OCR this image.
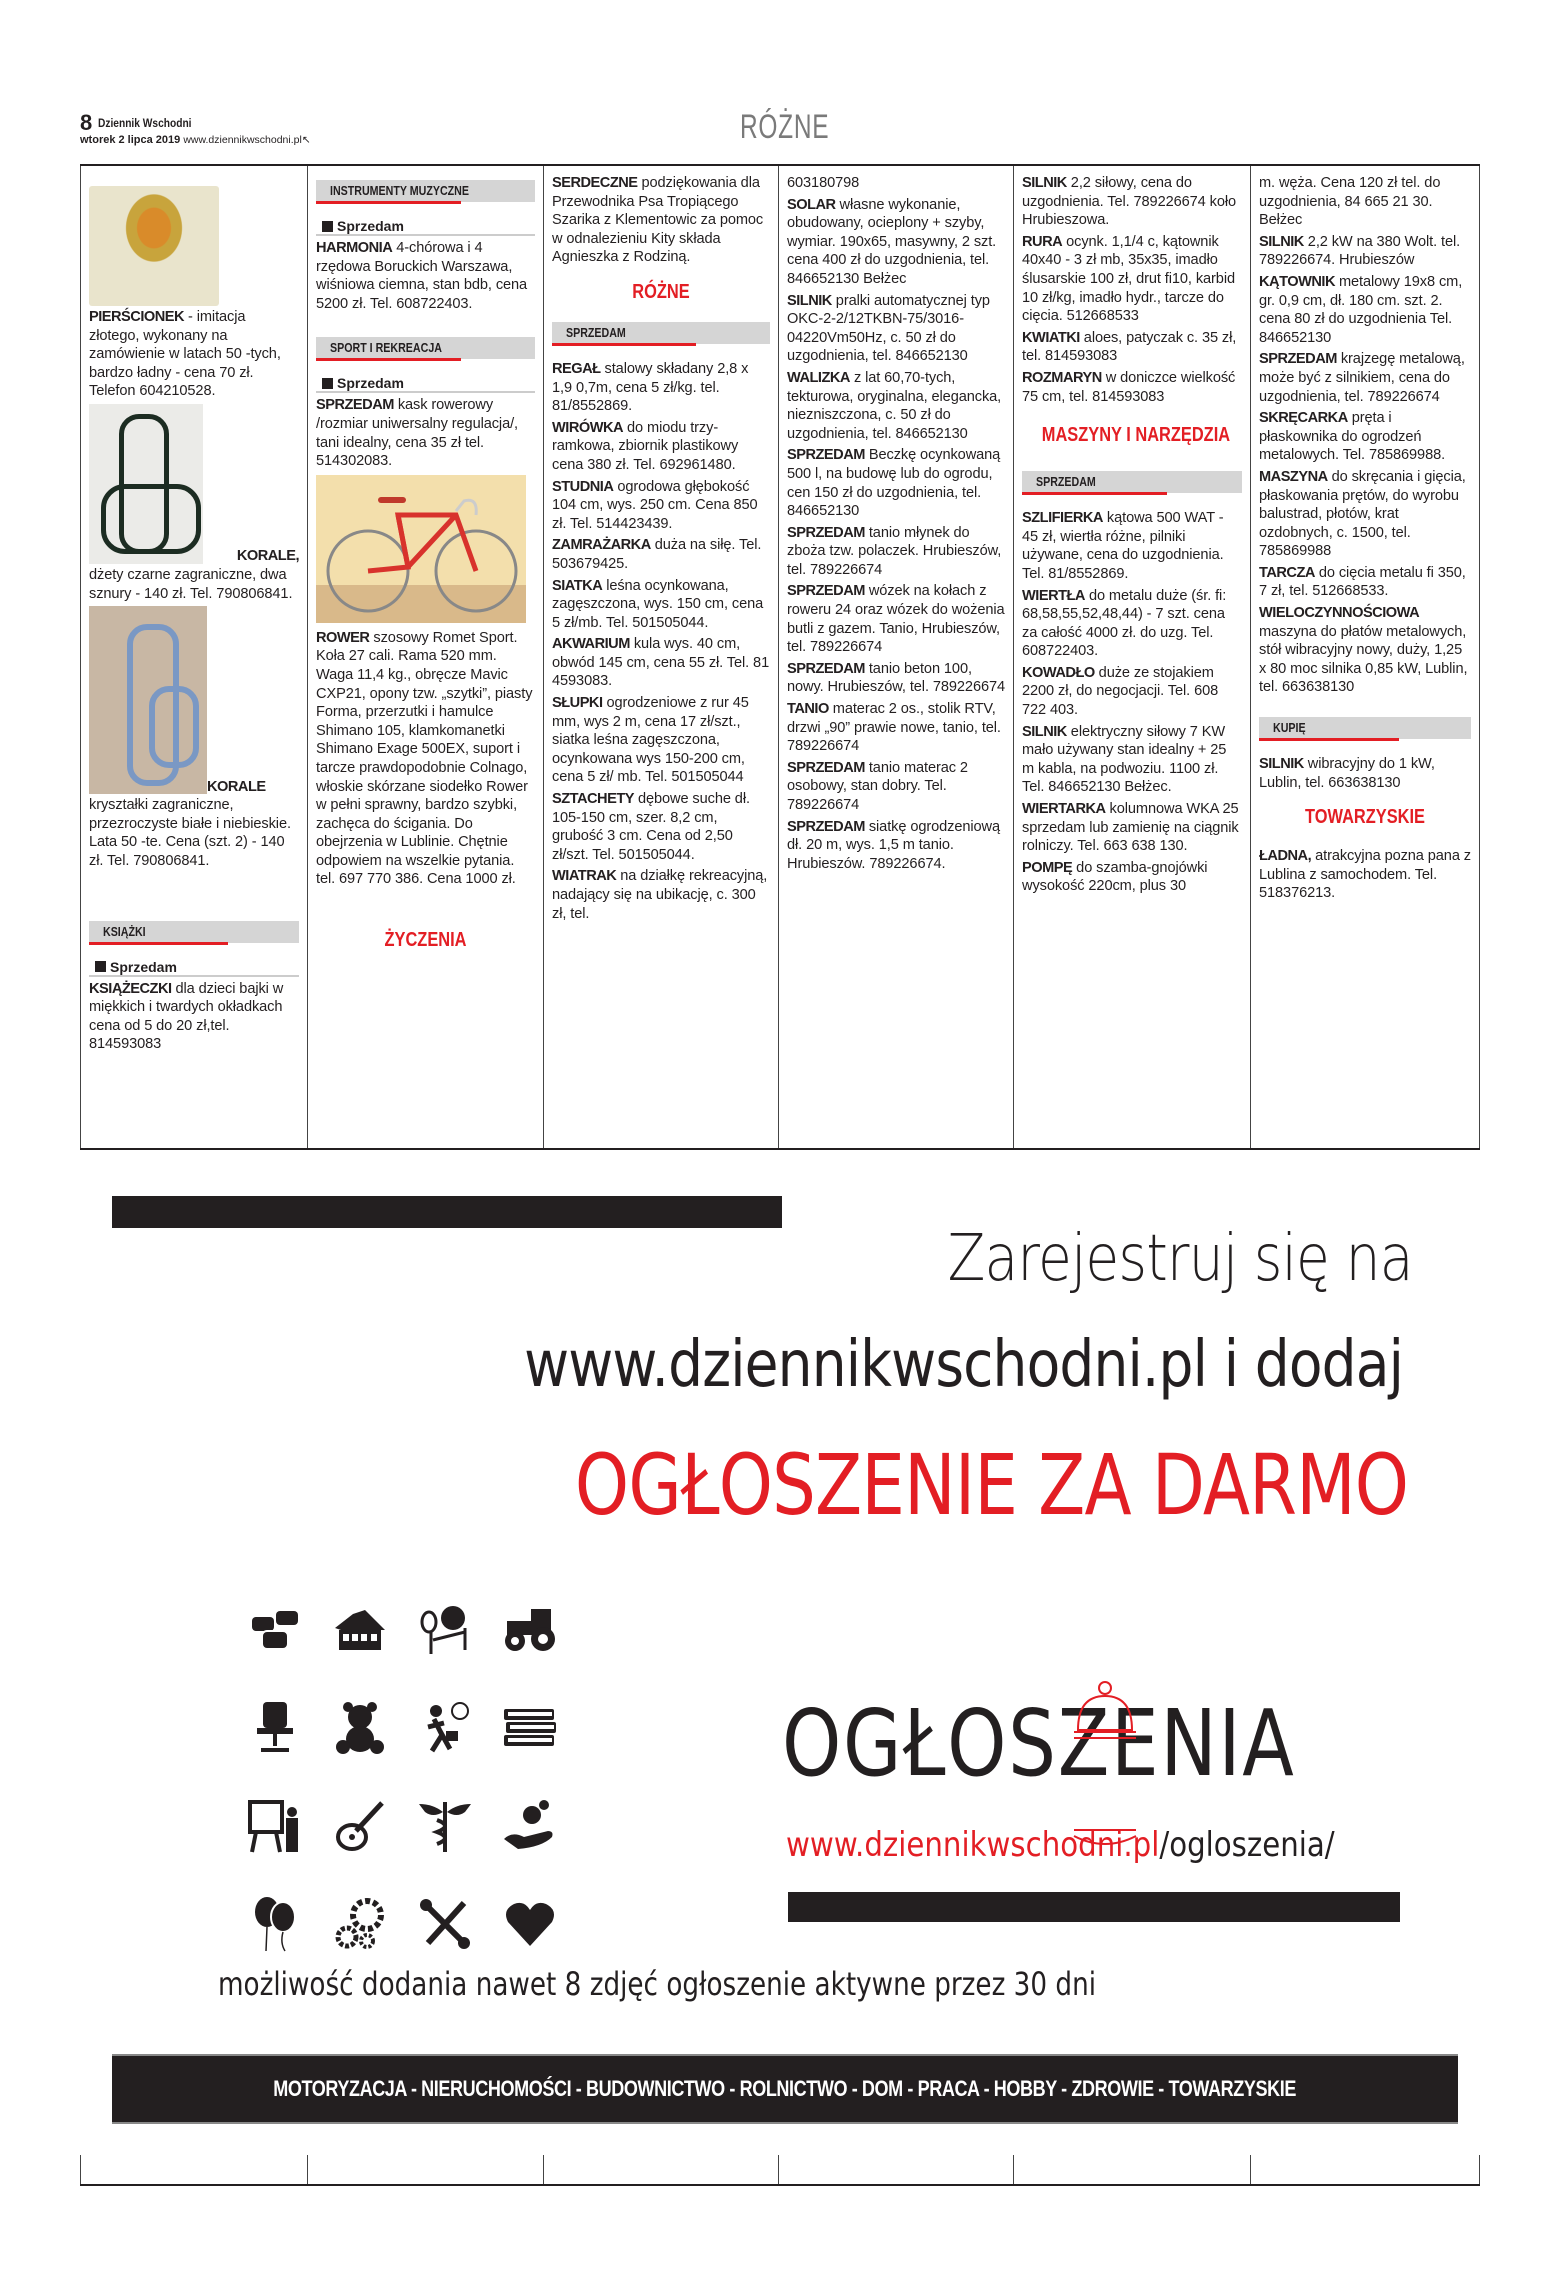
8 Dziennik Wschodni
wtorek 2 lipca 2019 www.dziennikwschodni.pl↖	RÓŻNE
PIERŚCIONEK - imitacja złotego, wykonany na zamówienie w latach 50 -tych, bardzo ładny - cena 70 zł. Telefon 604210528.
KORALE,
dżety czarne zagraniczne, dwa sznury - 140 zł. Tel. 790806841.
KORALE
kryształki zagraniczne, przezroczyste białe i niebieskie. Lata 50 -te. Cena (szt. 2) - 140 zł. Tel. 790806841.
KSIĄŻKI
Sprzedam
KSIĄŻECZKI dla dzieci bajki w miękkich i twardych okładkach cena od 5 do 20 zł,tel. 814593083
INSTRUMENTY MUZYCZNE
Sprzedam
HARMONIA 4-chórowa i 4 rzędowa Boruckich Warszawa, wiśniowa ciemna, stan bdb, cena 5200 zł. Tel. 608722403.
SPORT I REKREACJA
Sprzedam
SPRZEDAM kask rowerowy /rozmiar uniwersalny regulacja/, tani idealny, cena 35 zł tel. 514302083.
ROWER szosowy Romet Sport. Koła 27 cali. Rama 520 mm. Waga 11,4 kg., obręcze Mavic CXP21, opony tzw. „szytki”, piasty Forma, przerzutki i hamulce Shimano 105, klamkomanetki Shimano Exage 500EX, suport i tarcze prawdopodobnie Colnago, włoskie skórzane siodełko Rower w pełni sprawny, bardzo szybki, zachęca do ścigania. Do obejrzenia w Lublinie. Chętnie odpowiem na wszelkie pytania. tel. 697 770 386. Cena 1000 zł.
ŻYCZENIA
SERDECZNE podziękowania dla Przewodnika Psa Tropiącego Szarika z Klementowic za pomoc w odnalezieniu Kity składa Agnieszka z Rodziną.
RÓŻNE
SPRZEDAM
REGAŁ stalowy składany 2,8 x 1,9 0,7m, cena 5 zł/kg. tel. 81/8552869.
WIRÓWKA do miodu trzy-ramkowa, zbiornik plastikowy cena 380 zł. Tel. 692961480.
STUDNIA ogrodowa głębokość 104 cm, wys. 250 cm. Cena 850 zł. Tel. 514423439.
ZAMRAŻARKA duża na siłę. Tel. 503679425.
SIATKA leśna ocynkowana, zagęszczona, wys. 150 cm, cena 5 zł/mb. Tel. 501505044.
AKWARIUM kula wys. 40 cm, obwód 145 cm, cena 55 zł. Tel. 81 4593083.
SŁUPKI ogrodzeniowe z rur 45 mm, wys 2 m, cena 17 zł/szt., siatka leśna zagęszczona, ocynkowana wys 150-200 cm, cena 5 zł/ mb. Tel. 501505044
SZTACHETY dębowe suche dł. 105-150 cm, szer. 8,2 cm, grubość 3 cm. Cena od 2,50 zł/szt. Tel. 501505044.
WIATRAK na działkę rekreacyjną, nadający się na ubikację, c. 300 zł, tel.
603180798
SOLAR własne wykonanie, obudowany, ocieplony + szyby, wymiar. 190x65, masywny, 2 szt. cena 400 zł do uzgodnienia, tel. 846652130 Bełżec
SILNIK pralki automatycznej typ OKC-2-2/12TKBN-75/3016-04220Vm50Hz, c. 50 zł do uzgodnienia, tel. 846652130
WALIZKA z lat 60,70-tych, tekturowa, oryginalna, elegancka, niezniszczona, c. 50 zł do uzgodnienia, tel. 846652130
SPRZEDAM Beczkę ocynkowaną 500 l, na budowę lub do ogrodu, cen 150 zł do uzgodnienia, tel. 846652130
SPRZEDAM tanio młynek do zboża tzw. polaczek. Hrubieszów, tel. 789226674
SPRZEDAM wózek na kołach z roweru 24 oraz wózek do wożenia butli z gazem. Tanio, Hrubieszów, tel. 789226674
SPRZEDAM tanio beton 100, nowy. Hrubieszów, tel. 789226674
TANIO materac 2 os., stolik RTV, drzwi „90” prawie nowe, tanio, tel. 789226674
SPRZEDAM tanio materac 2 osobowy, stan dobry. Tel. 789226674
SPRZEDAM siatkę ogrodzeniową dł. 20 m, wys. 1,5 m tanio. Hrubieszów. 789226674.
SILNIK 2,2 siłowy, cena do uzgodnienia. Tel. 789226674 koło Hrubieszowa.
RURA ocynk. 1,1/4 c, kątownik 40x40 - 3 zł mb, 35x35, imadło ślusarskie 100 zł, drut fi10, karbid 10 zł/kg, imadło hydr., tarcze do cięcia. 512668533
KWIATKI aloes, patyczak c. 35 zł, tel. 814593083
ROZMARYN w doniczce wielkość 75 cm, tel. 814593083
MASZYNY I NARZĘDZIA
SPRZEDAM
SZLIFIERKA kątowa 500 WAT - 45 zł, wiertła różne, pilniki używane, cena do uzgodnienia. Tel. 81/8552869.
WIERTŁA do metalu duże (śr. fi: 68,58,55,52,48,44) - 7 szt. cena za całość 4000 zł. do uzg. Tel. 608722403.
KOWADŁO duże ze stojakiem 2200 zł, do negocjacji. Tel. 608 722 403.
SILNIK elektryczny siłowy 7 KW mało używany stan idealny + 25 m kabla, na podwoziu. 1100 zł. Tel. 846652130 Bełżec.
WIERTARKA kolumnowa WKA 25 sprzedam lub zamienię na ciągnik rolniczy. Tel. 663 638 130.
POMPĘ do szamba-gnojówki wysokość 220cm, plus 30
m. węża. Cena 120 zł tel. do uzgodnienia, 84 665 21 30. Bełżec
SILNIK 2,2 kW na 380 Wolt. tel. 789226674. Hrubieszów
KĄTOWNIK metalowy 19x8 cm, gr. 0,9 cm, dł. 180 cm. szt. 2. cena 80 zł do uzgodnienia Tel. 846652130
SPRZEDAM krajzegę metalową, może być z silnikiem, cena do uzgodnienia, tel. 789226674
SKRĘCARKA pręta i płaskownika do ogrodzeń metalowych. Tel. 785869988.
MASZYNA do skręcania i gięcia, płaskowania prętów, do wyrobu balustrad, płotów, krat ozdobnych, c. 1500, tel. 785869988
TARCZA do cięcia metalu fi 350, 7 zł, tel. 512668533.
WIELOCZYNNOŚCIOWA maszyna do płatów metalowych, stół wibracyjny nowy, duży, 1,25 x 80 moc silnika 0,85 kW, Lublin, tel. 663638130
KUPIĘ
SILNIK wibracyjny do 1 kW, Lublin, tel. 663638130
TOWARZYSKIE
ŁADNA, atrakcyjna pozna pana z Lublina z samochodem. Tel. 518376213.
Zarejestruj się na
www.dziennikwschodni.pl i dodaj
OGŁOSZENIE ZA DARMO
OGŁOSZENIA
www.dziennikwschodni.pl/ogloszenia/
możliwość dodania nawet 8 zdjęć ogłoszenie aktywne przez 30 dni
MOTORYZACJA - NIERUCHOMOŚCI - BUDOWNICTWO - ROLNICTWO - DOM - PRACA - HOBBY - ZDROWIE - TOWARZYSKIE
